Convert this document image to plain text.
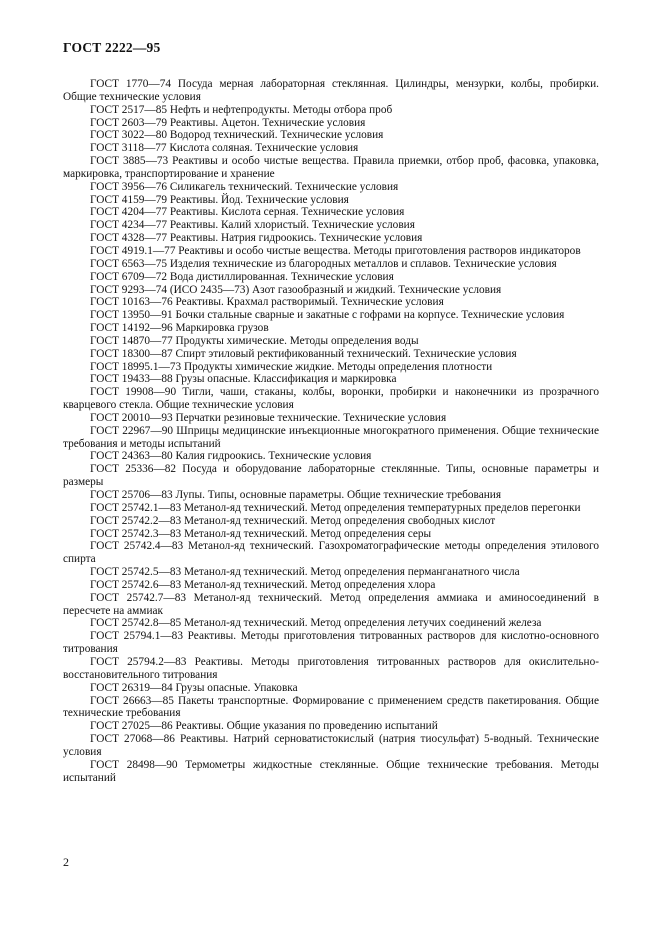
ГОСТ 2222—95
ГОСТ 1770—74 Посуда мерная лабораторная стеклянная. Цилиндры, мензурки, колбы, пробирки. Общие технические условия
ГОСТ 2517—85 Нефть и нефтепродукты. Методы отбора проб
ГОСТ 2603—79 Реактивы. Ацетон. Технические условия
ГОСТ 3022—80 Водород технический. Технические условия
ГОСТ 3118—77 Кислота соляная. Технические условия
ГОСТ 3885—73 Реактивы и особо чистые вещества. Правила приемки, отбор проб, фасовка, упаковка, маркировка, транспортирование и хранение
ГОСТ 3956—76 Силикагель технический. Технические условия
ГОСТ 4159—79 Реактивы. Йод. Технические условия
ГОСТ 4204—77 Реактивы. Кислота серная. Технические условия
ГОСТ 4234—77 Реактивы. Калий хлористый. Технические условия
ГОСТ 4328—77 Реактивы. Натрия гидроокись. Технические условия
ГОСТ 4919.1—77 Реактивы и особо чистые вещества. Методы приготовления растворов индикаторов
ГОСТ 6563—75 Изделия технические из благородных металлов и сплавов. Технические условия
ГОСТ 6709—72 Вода дистиллированная. Технические условия
ГОСТ 9293—74 (ИСО 2435—73) Азот газообразный и жидкий. Технические условия
ГОСТ 10163—76 Реактивы. Крахмал растворимый. Технические условия
ГОСТ 13950—91 Бочки стальные сварные и закатные с гофрами на корпусе. Технические условия
ГОСТ 14192—96 Маркировка грузов
ГОСТ 14870—77 Продукты химические. Методы определения воды
ГОСТ 18300—87 Спирт этиловый ректификованный технический. Технические условия
ГОСТ 18995.1—73 Продукты химические жидкие. Методы определения плотности
ГОСТ 19433—88 Грузы опасные. Классификация и маркировка
ГОСТ 19908—90 Тигли, чаши, стаканы, колбы, воронки, пробирки и наконечники из прозрачного кварцевого стекла. Общие технические условия
ГОСТ 20010—93 Перчатки резиновые технические. Технические условия
ГОСТ 22967—90 Шприцы медицинские инъекционные многократного применения. Общие технические требования и методы испытаний
ГОСТ 24363—80 Калия гидроокись. Технические условия
ГОСТ 25336—82 Посуда и оборудование лабораторные стеклянные. Типы, основные параметры и размеры
ГОСТ 25706—83 Лупы. Типы, основные параметры. Общие технические требования
ГОСТ 25742.1—83 Метанол-яд технический. Метод определения температурных пределов перегонки
ГОСТ 25742.2—83 Метанол-яд технический. Метод определения свободных кислот
ГОСТ 25742.3—83 Метанол-яд технический. Метод определения серы
ГОСТ 25742.4—83 Метанол-яд технический. Газохроматографические методы определения этилового спирта
ГОСТ 25742.5—83 Метанол-яд технический. Метод определения перманганатного числа
ГОСТ 25742.6—83 Метанол-яд технический. Метод определения хлора
ГОСТ 25742.7—83 Метанол-яд технический. Метод определения аммиака и аминосоединений в пересчете на аммиак
ГОСТ 25742.8—85 Метанол-яд технический. Метод определения летучих соединений железа
ГОСТ 25794.1—83 Реактивы. Методы приготовления титрованных растворов для кислотно-основного титрования
ГОСТ 25794.2—83 Реактивы. Методы приготовления титрованных растворов для окислительно-восстановительного титрования
ГОСТ 26319—84 Грузы опасные. Упаковка
ГОСТ 26663—85 Пакеты транспортные. Формирование с применением средств пакетирования. Общие технические требования
ГОСТ 27025—86 Реактивы. Общие указания по проведению испытаний
ГОСТ 27068—86 Реактивы. Натрий серноватистокислый (натрия тиосульфат) 5-водный. Технические условия
ГОСТ 28498—90 Термометры жидкостные стеклянные. Общие технические требования. Методы испытаний
2
